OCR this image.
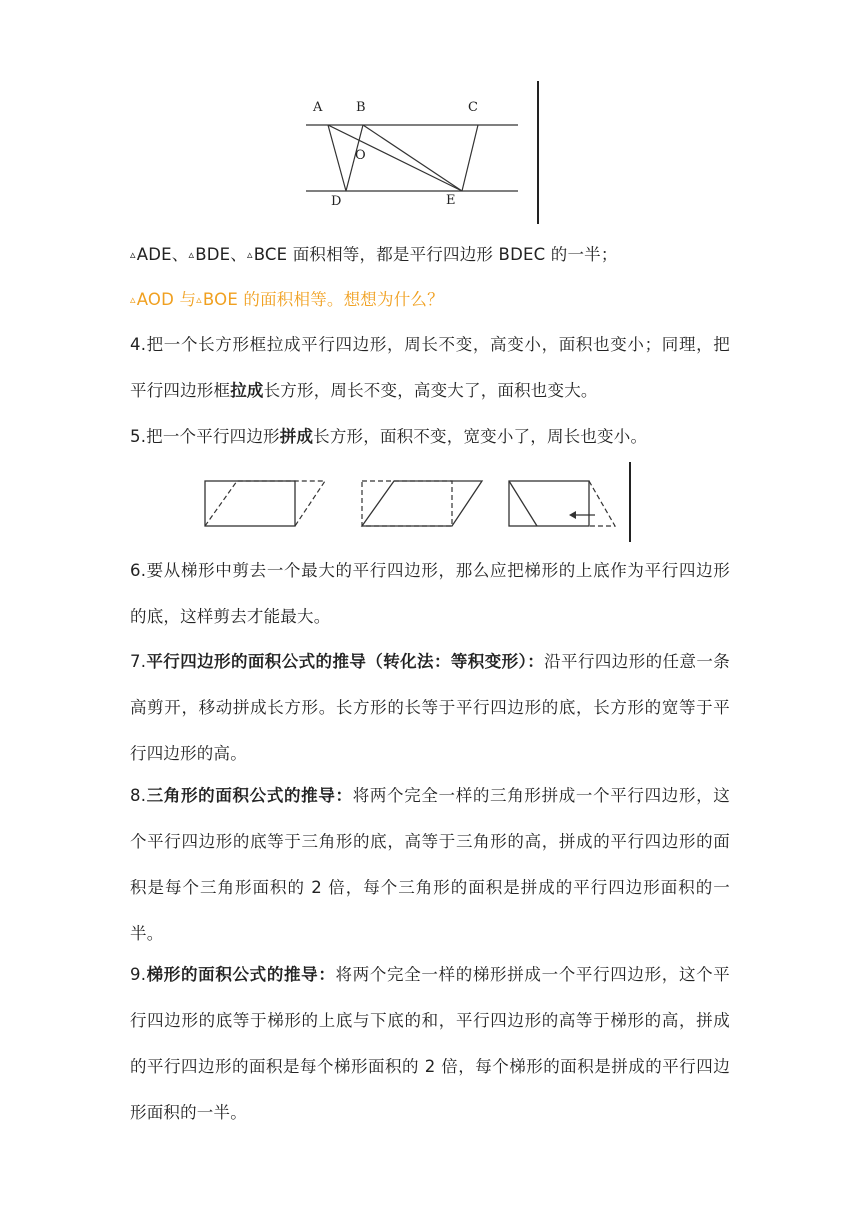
A	B	C
O
D	E

▵ADE、▵BDE、▵BCE 面积相等，都是平行四边形 BDEC 的一半；

▵AOD 与▵BOE 的面积相等。想想为什么？

4.把一个长方形框拉成平行四边形，周长不变，高变小，面积也变小；同理，把平行四边形框拉成长方形，周长不变，高变大了，面积也变大。

5.把一个平行四边形拼成长方形，面积不变，宽变小了，周长也变小。

6.要从梯形中剪去一个最大的平行四边形，那么应把梯形的上底作为平行四边形的底，这样剪去才能最大。

7.平行四边形的面积公式的推导（转化法：等积变形）：沿平行四边形的任意一条高剪开，移动拼成长方形。长方形的长等于平行四边形的底，长方形的宽等于平行四边形的高。

8.三角形的面积公式的推导：将两个完全一样的三角形拼成一个平行四边形，这个平行四边形的底等于三角形的底，高等于三角形的高，拼成的平行四边形的面积是每个三角形面积的 2 倍，每个三角形的面积是拼成的平行四边形面积的一半。

9.梯形的面积公式的推导：将两个完全一样的梯形拼成一个平行四边形，这个平行四边形的底等于梯形的上底与下底的和，平行四边形的高等于梯形的高，拼成的平行四边形的面积是每个梯形面积的 2 倍，每个梯形的面积是拼成的平行四边形面积的一半。
